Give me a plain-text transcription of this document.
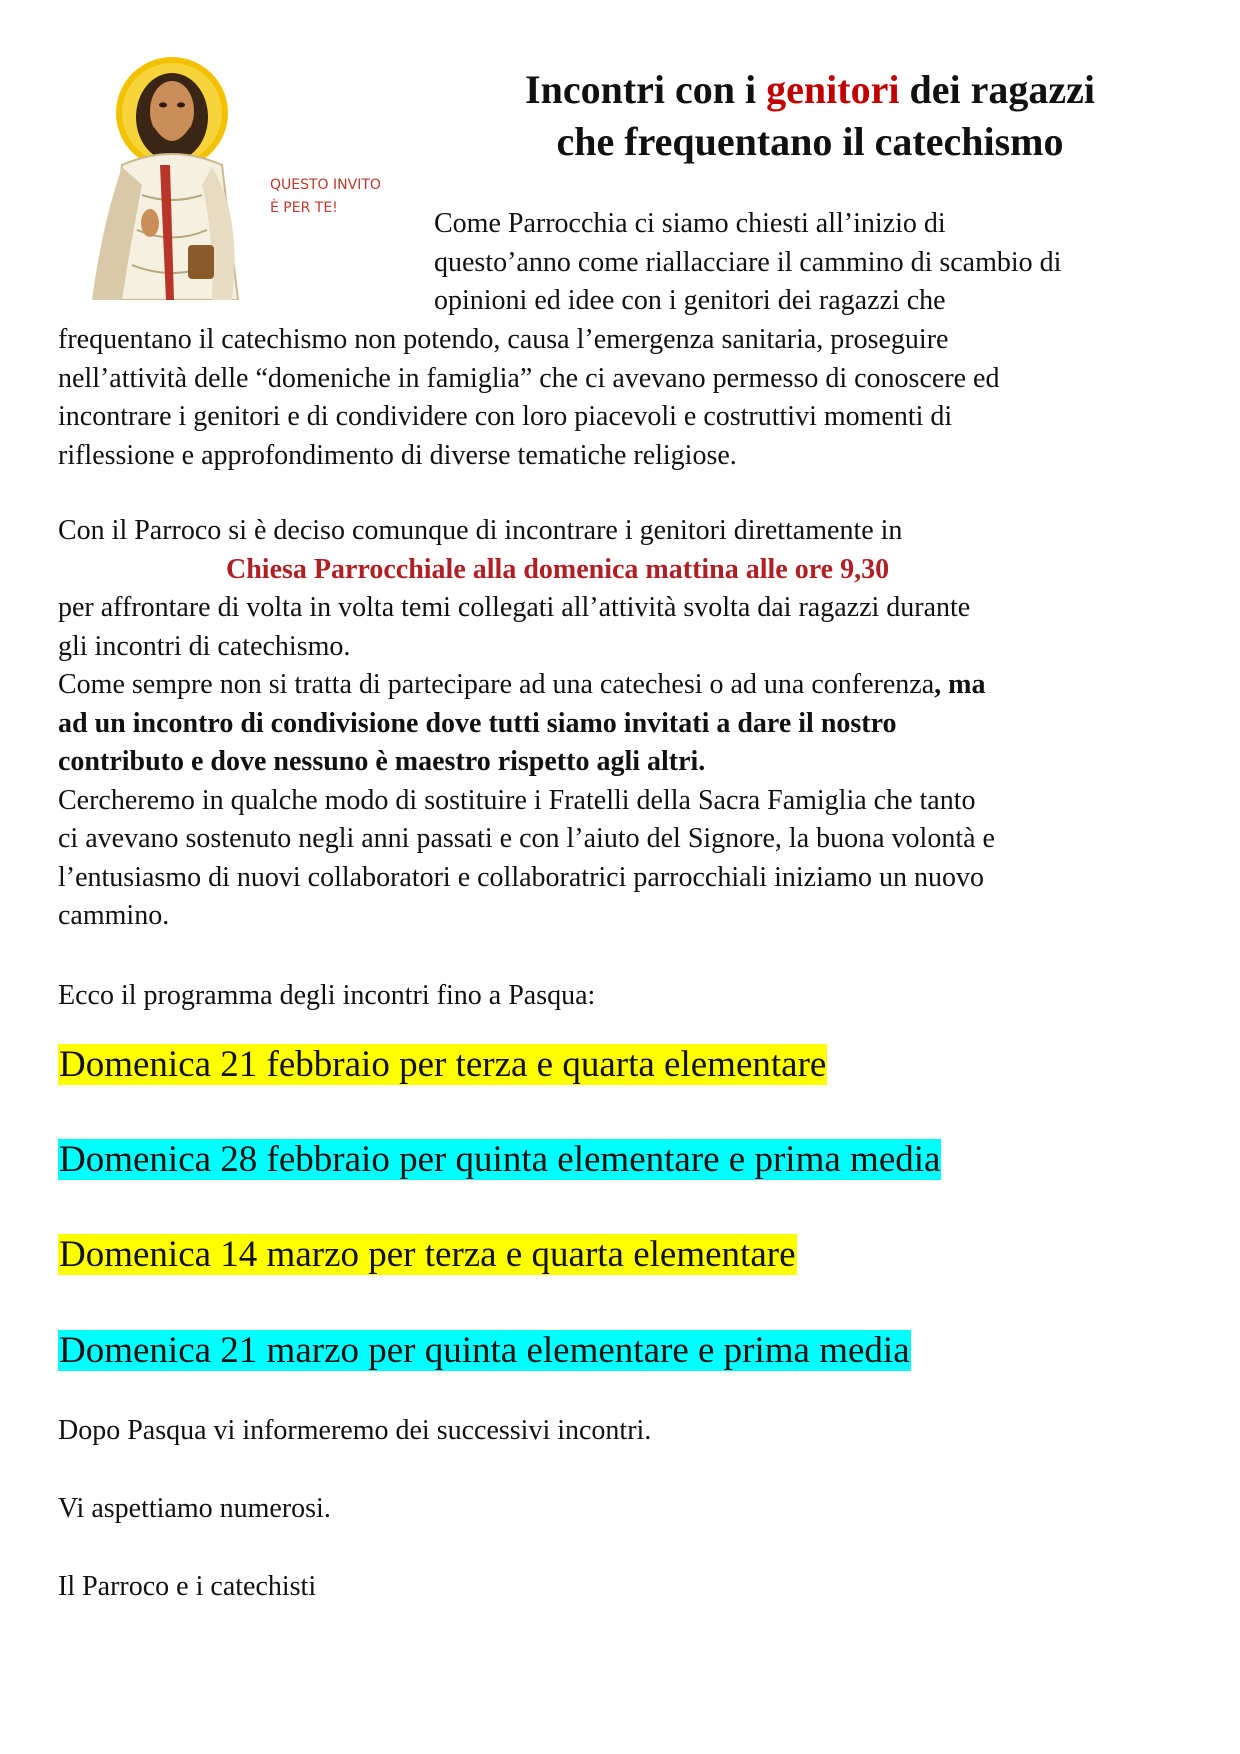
QUESTO INVITO
È PER TE!
Incontri con i genitori dei ragazzi
che frequentano il catechismo
Come Parrocchia ci siamo chiesti all’inizio di
questo’anno come riallacciare il cammino di scambio di
opinioni ed idee con i genitori dei ragazzi che
frequentano il catechismo non potendo, causa l’emergenza sanitaria, proseguire
nell’attività delle “domeniche in famiglia” che ci avevano permesso di conoscere ed
incontrare i genitori e di condividere con loro piacevoli e costruttivi momenti di
riflessione e approfondimento di diverse tematiche religiose.
Con il Parroco si è deciso comunque di incontrare i genitori direttamente in
Chiesa Parrocchiale alla domenica mattina alle ore 9,30
per affrontare di volta in volta temi collegati all’attività svolta dai ragazzi durante
gli incontri di catechismo.
Come sempre non si tratta di partecipare ad una catechesi o ad una conferenza, ma
ad un incontro di condivisione dove tutti siamo invitati a dare il nostro
contributo e dove nessuno è maestro rispetto agli altri.
Cercheremo in qualche modo di sostituire i Fratelli della Sacra Famiglia che tanto
ci avevano sostenuto negli anni passati e con l’aiuto del Signore, la buona volontà e
l’entusiasmo di nuovi collaboratori e collaboratrici parrocchiali iniziamo un nuovo
cammino.

Ecco il programma degli incontri fino a Pasqua:

Domenica 21 febbraio per terza e quarta elementare

Domenica 28 febbraio per quinta elementare e prima media

Domenica 14 marzo per terza e quarta elementare

Domenica 21 marzo per quinta elementare e prima media

Dopo Pasqua vi informeremo dei successivi incontri.

Vi aspettiamo numerosi.

Il Parroco e i catechisti
